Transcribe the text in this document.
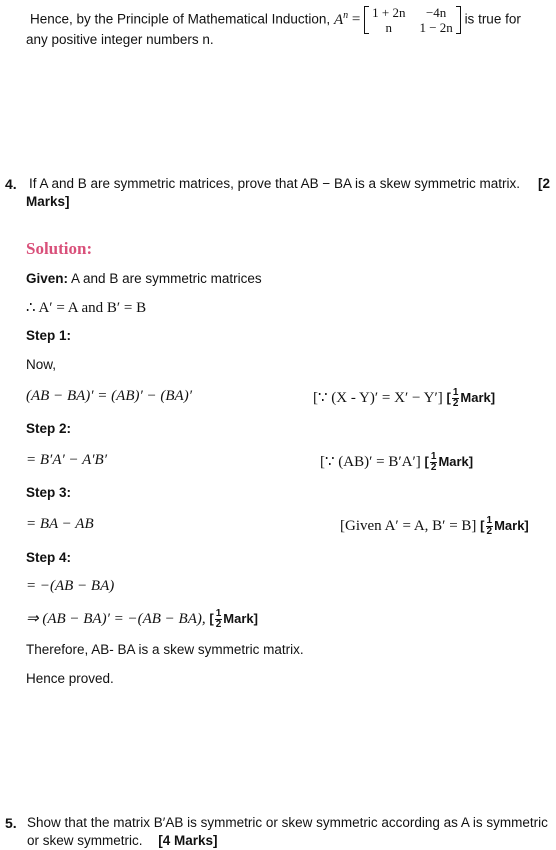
Hence, by the Principle of Mathematical Induction, $A^n = 1 + 2n$	−4n
n	1 − 2n
is true for
any positive integer numbers n.
4. If A and B are symmetric matrices, prove that AB − BA is a skew symmetric matrix. [2
Marks]
Solution:
Given: A and B are symmetric matrices
∴ A′ = A and B′ = B
Step 1:
Now,
(AB − BA)′ = (AB)′ − (BA)′	[∵ (X - Y)′ = X′ − Y′] [ $\frac{1}{2}$ Mark]
Step 2:
= B′A′ − A′B′	[∵ (AB)′ = B′A′] [ $\frac{1}{2}$ Mark]
Step 3:
= BA − AB	[Given A′ = A, B′ = B] [ $\frac{1}{2}$ Mark]
Step 4:
= −(AB − BA)
⇒ (AB − BA)′ = −(AB − BA), [ $\frac{1}{2}$ Mark]
Therefore, AB- BA is a skew symmetric matrix.
Hence proved.
5. Show that the matrix B′AB is symmetric or skew symmetric according as A is symmetric
or skew symmetric. [4 Marks]
